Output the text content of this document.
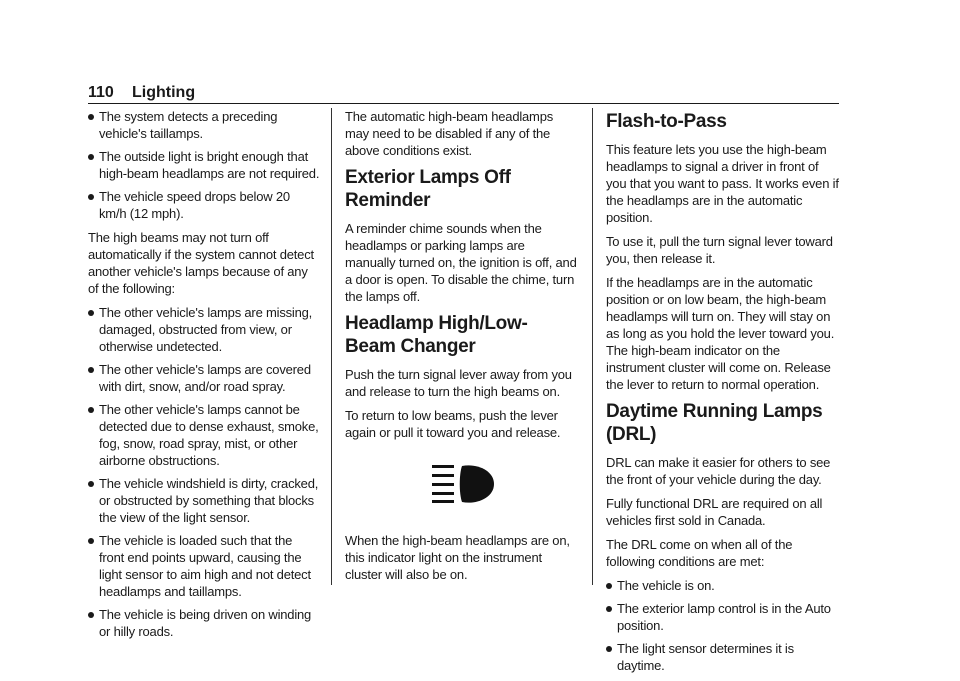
110 Lighting
The system detects a preceding vehicle's taillamps.
The outside light is bright enough that high-beam headlamps are not required.
The vehicle speed drops below 20 km/h (12 mph).

The high beams may not turn off automatically if the system cannot detect another vehicle's lamps because of any of the following:

The other vehicle's lamps are missing, damaged, obstructed from view, or otherwise undetected.
The other vehicle's lamps are covered with dirt, snow, and/or road spray.
The other vehicle's lamps cannot be detected due to dense exhaust, smoke, fog, snow, road spray, mist, or other airborne obstructions.
The vehicle windshield is dirty, cracked, or obstructed by something that blocks the view of the light sensor.
The vehicle is loaded such that the front end points upward, causing the light sensor to aim high and not detect headlamps and taillamps.
The vehicle is being driven on winding or hilly roads.

The automatic high-beam headlamps may need to be disabled if any of the above conditions exist.

Exterior Lamps Off Reminder

A reminder chime sounds when the headlamps or parking lamps are manually turned on, the ignition is off, and a door is open. To disable the chime, turn the lamps off.

Headlamp High/Low-Beam Changer

Push the turn signal lever away from you and release to turn the high beams on.

To return to low beams, push the lever again or pull it toward you and release.

When the high-beam headlamps are on, this indicator light on the instrument cluster will also be on.

Flash-to-Pass

This feature lets you use the high-beam headlamps to signal a driver in front of you that you want to pass. It works even if the headlamps are in the automatic position.

To use it, pull the turn signal lever toward you, then release it.

If the headlamps are in the automatic position or on low beam, the high-beam headlamps will turn on. They will stay on as long as you hold the lever toward you. The high-beam indicator on the instrument cluster will come on. Release the lever to return to normal operation.

Daytime Running Lamps (DRL)

DRL can make it easier for others to see the front of your vehicle during the day.

Fully functional DRL are required on all vehicles first sold in Canada.

The DRL come on when all of the following conditions are met:

The vehicle is on.
The exterior lamp control is in the Auto position.
The light sensor determines it is daytime.
